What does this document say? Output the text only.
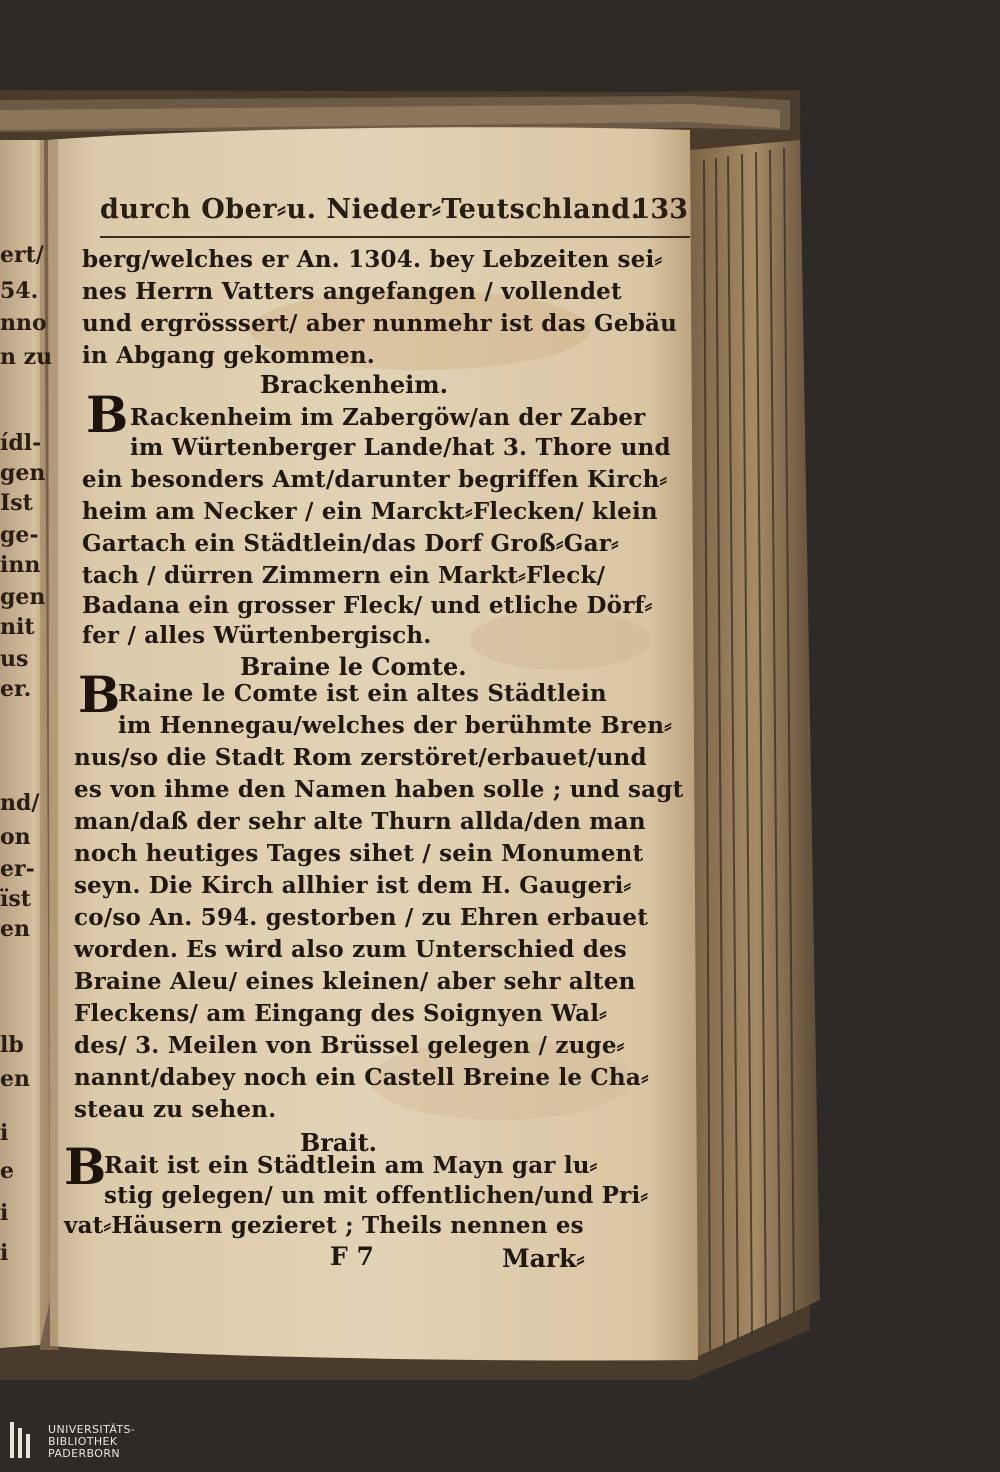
ert/
54.
nno
n zu
ídl-
gen
Ist
ge-
inn
gen
nit
us
er.
nd/
on
er-
ïst
en
lb
en
i
e
i
i
durch Ober⸗u. Nieder⸗Teutschland.
133
berg/welches er An. 1304. bey Lebzeiten sei⸗
nes Herrn Vatters angefangen / vollendet
und ergrösssert/ aber nunmehr ist das Gebäu
in Abgang gekommen.
Brackenheim.
B Rackenheim im Zabergöw/an der Zaber
im Würtenberger Lande/hat 3. Thore und
ein besonders Amt/darunter begriffen Kirch⸗
heim am Necker / ein Marckt⸗Flecken/ klein
Gartach ein Städtlein/das Dorf Groß⸗Gar⸗
tach / dürren Zimmern ein Markt⸗Fleck/
Badana ein grosser Fleck/ und etliche Dörf⸗
fer / alles Würtenbergisch.
Braine le Comte.
B
Raine le Comte ist ein altes Städtlein
im Hennegau/welches der berühmte Bren⸗
nus/so die Stadt Rom zerstöret/erbauet/und
es von ihme den Namen haben solle ; und sagt
man/daß der sehr alte Thurn allda/den man
noch heutiges Tages sihet / sein Monument
seyn. Die Kirch allhier ist dem H. Gaugeri⸗
co/so An. 594. gestorben / zu Ehren erbauet
worden. Es wird also zum Unterschied des
Braine Aleu/ eines kleinen/ aber sehr alten
Fleckens/ am Eingang des Soignyen Wal⸗
des/ 3. Meilen von Brüssel gelegen / zuge⸗
nannt/dabey noch ein Castell Breine le Cha⸗
steau zu sehen.
Brait.
B
Rait ist ein Städtlein am Mayn gar lu⸗
stig gelegen/ un mit offentlichen/und Pri⸗
vat⸗Häusern gezieret ; Theils nennen es
F 7	Mark⸗
UNIVERSITÄTS-
BIBLIOTHEK
PADERBORN
